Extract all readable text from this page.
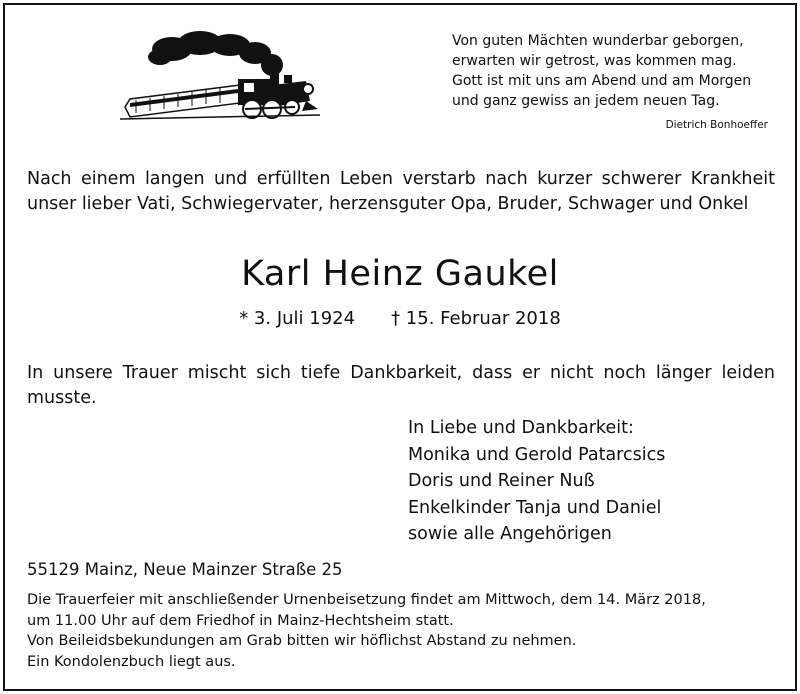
Von guten Mächten wunderbar geborgen,
erwarten wir getrost, was kommen mag.
Gott ist mit uns am Abend und am Morgen
und ganz gewiss an jedem neuen Tag.
Dietrich Bonhoeffer
Nach einem langen und erfüllten Leben verstarb nach kurzer schwerer Krankheit unser lieber Vati, Schwiegervater, herzensguter Opa, Bruder, Schwager und Onkel
Karl Heinz Gaukel
* 3. Juli 1924 † 15. Februar 2018
In unsere Trauer mischt sich tiefe Dankbarkeit, dass er nicht noch länger leiden musste.
In Liebe und Dankbarkeit:
Monika und Gerold Patarcsics
Doris und Reiner Nuß
Enkelkinder Tanja und Daniel
sowie alle Angehörigen
55129 Mainz, Neue Mainzer Straße 25
Die Trauerfeier mit anschließender Urnenbeisetzung findet am Mittwoch, dem 14. März 2018,
um 11.00 Uhr auf dem Friedhof in Mainz-Hechtsheim statt.
Von Beileidsbekundungen am Grab bitten wir höflichst Abstand zu nehmen.
Ein Kondolenzbuch liegt aus.
